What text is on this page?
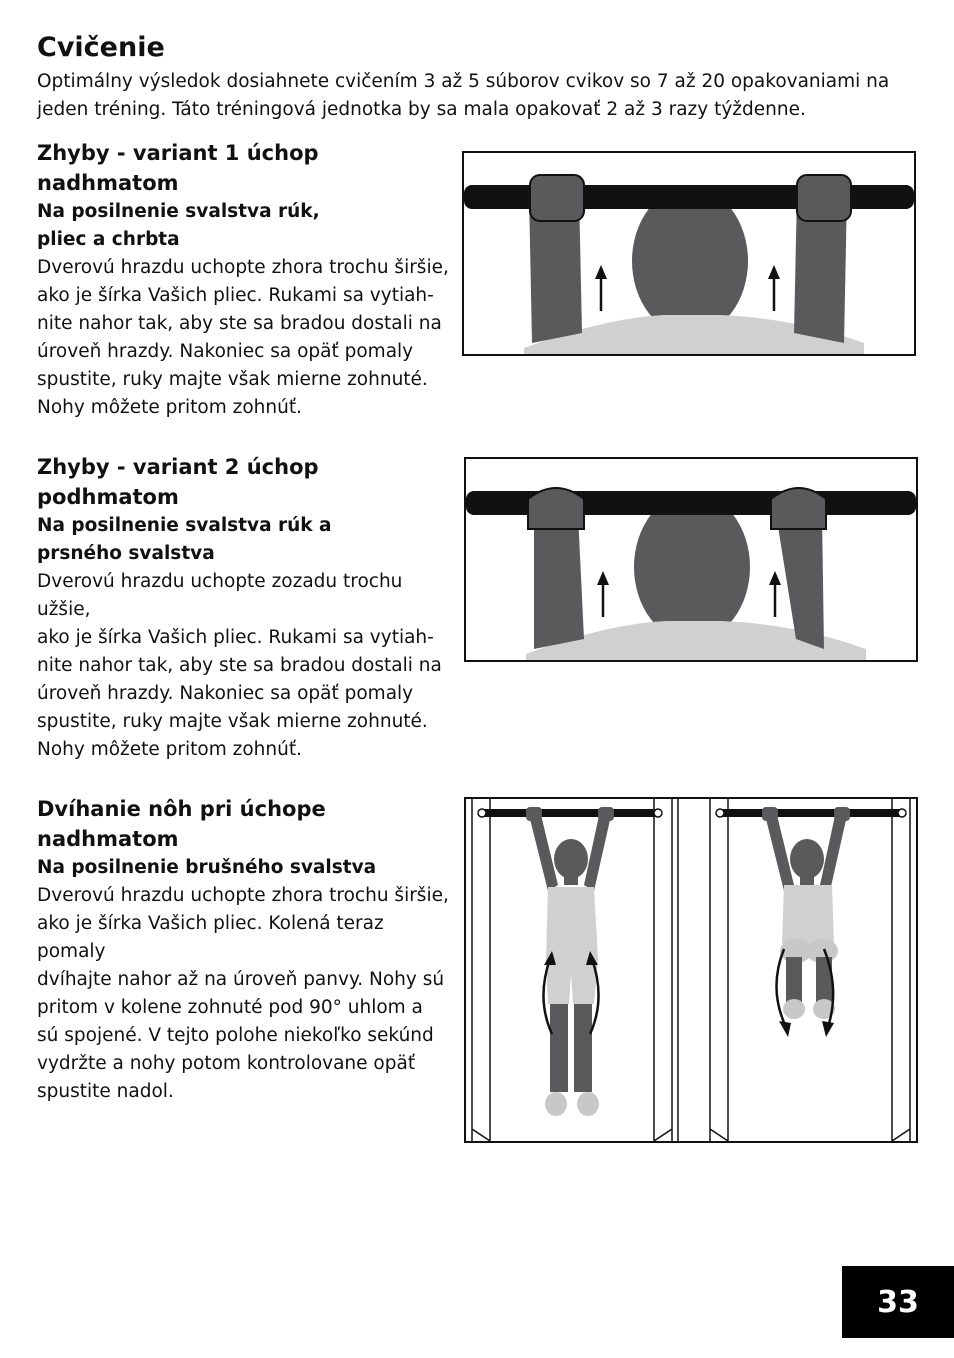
Cvičenie

Optimálny výsledok dosiahnete cvičením 3 až 5 súborov cvikov so 7 až 20 opakovaniami na jeden tréning. Táto tréningová jednotka by sa mala opakovať 2 až 3 razy týždenne.

Zhyby - variant 1 úchop
nadhmatom
Na posilnenie svalstva rúk,
pliec a chrbta

Dverovú hrazdu uchopte zhora trochu širšie,
ako je šírka Vašich pliec. Rukami sa vytiah-
nite nahor tak, aby ste sa bradou dostali na
úroveň hrazdy. Nakoniec sa opäť pomaly
spustite, ruky majte však mierne zohnuté.
Nohy môžete pritom zohnúť.

Zhyby - variant 2 úchop
podhmatom
Na posilnenie svalstva rúk a
prsného svalstva

Dverovú hrazdu uchopte zozadu trochu užšie,
ako je šírka Vašich pliec. Rukami sa vytiah-
nite nahor tak, aby ste sa bradou dostali na
úroveň hrazdy. Nakoniec sa opäť pomaly
spustite, ruky majte však mierne zohnuté.
Nohy môžete pritom zohnúť.

Dvíhanie nôh pri úchope
nadhmatom
Na posilnenie brušného svalstva

Dverovú hrazdu uchopte zhora trochu širšie,
ako je šírka Vašich pliec. Kolená teraz pomaly
dvíhajte nahor až na úroveň panvy. Nohy sú
pritom v kolene zohnuté pod 90° uhlom a
sú spojené. V tejto polohe niekoľko sekúnd
vydržte a nohy potom kontrolovane opäť
spustite nadol.

33
